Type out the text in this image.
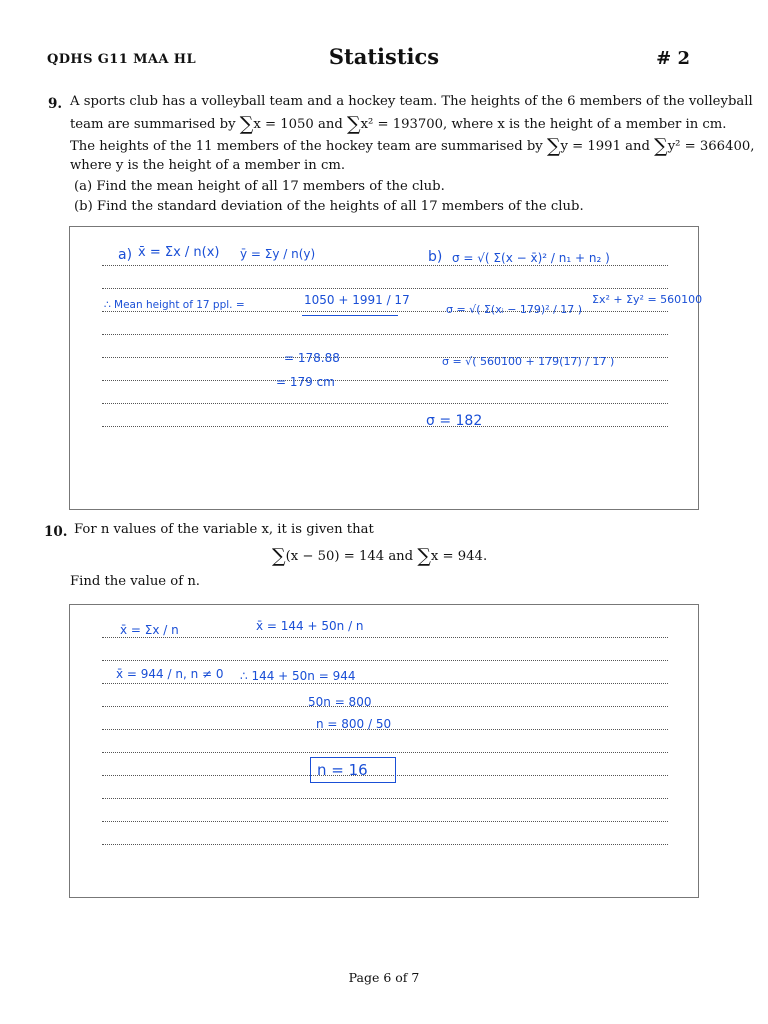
QDHS G11 MAA HL	Statistics	# 2
9. A sports club has a volleyball team and a hockey team. The heights of the 6 members of the volleyball
team are summarised by ∑x = 1050 and ∑x² = 193700, where x is the height of a member in cm.
The heights of the 11 members of the hockey team are summarised by ∑y = 1991 and ∑y² = 366400,
where y is the height of a member in cm.
(a) Find the mean height of all 17 members of the club.
(b) Find the standard deviation of the heights of all 17 members of the club.
a) x̄ = Σx / n(x) ȳ = Σy / n(y)
∴ Mean height of 17 ppl. =	1050 + 1991 / 17
= 178.88
= 179 cm
b) σ = √( Σ(x − x̄)² / n₁ + n₂ )
Σx² + Σy² = 560100
σ = √( Σ(xᵢ − 179)² / 17 )
σ = √( 560100 + 179(17) / 17 )
σ = 182
10. For n values of the variable x, it is given that
∑(x − 50) = 144 and ∑x = 944.
Find the value of n.
x̄ = Σx / n	x̄ = 144 + 50n / n
x̄ = 944 / n, n ≠ 0 ∴ 144 + 50n = 944
50n = 800
n = 800 / 50
n = 16
Page 6 of 7
